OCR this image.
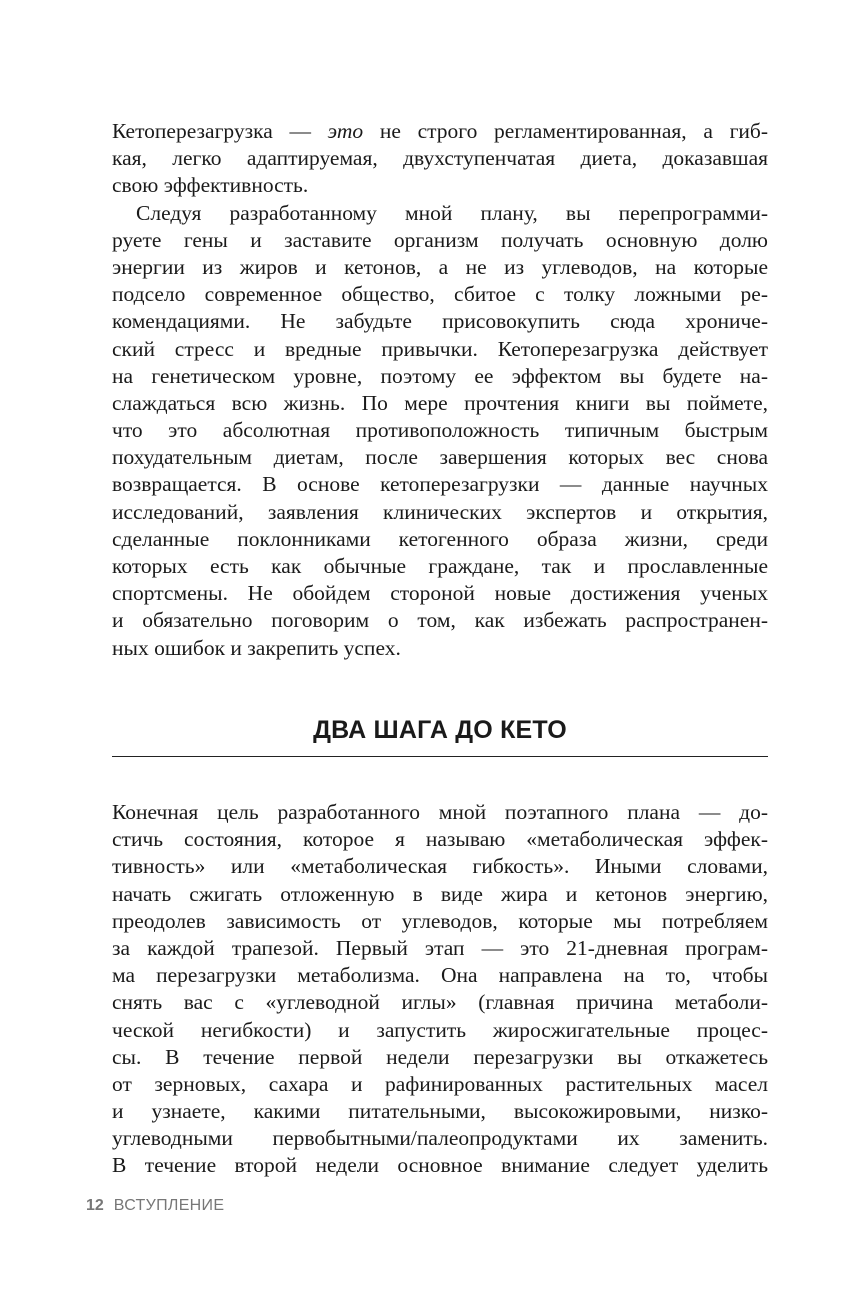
Кетоперезагрузка — это не строго регламентированная, а гиб-
кая, легко адаптируемая, двухступенчатая диета, доказавшая
свою эффективность.
Следуя разработанному мной плану, вы перепрограмми-
руете гены и заставите организм получать основную долю
энергии из жиров и кетонов, а не из углеводов, на которые
подсело современное общество, сбитое с толку ложными ре-
комендациями. Не забудьте присовокупить сюда хрониче-
ский стресс и вредные привычки. Кетоперезагрузка действует
на генетическом уровне, поэтому ее эффектом вы будете на-
слаждаться всю жизнь. По мере прочтения книги вы поймете,
что это абсолютная противоположность типичным быстрым
похудательным диетам, после завершения которых вес снова
возвращается. В основе кетоперезагрузки — данные научных
исследований, заявления клинических экспертов и открытия,
сделанные поклонниками кетогенного образа жизни, среди
которых есть как обычные граждане, так и прославленные
спортсмены. Не обойдем стороной новые достижения ученых
и обязательно поговорим о том, как избежать распространен-
ных ошибок и закрепить успех.
ДВА ШАГА ДО КЕТО
Конечная цель разработанного мной поэтапного плана — до-
стичь состояния, которое я называю «метаболическая эффек-
тивность» или «метаболическая гибкость». Иными словами,
начать сжигать отложенную в виде жира и кетонов энергию,
преодолев зависимость от углеводов, которые мы потребляем
за каждой трапезой. Первый этап — это 21-дневная програм-
ма перезагрузки метаболизма. Она направлена на то, чтобы
снять вас с «углеводной иглы» (главная причина метаболи-
ческой негибкости) и запустить жиросжигательные процес-
сы. В течение первой недели перезагрузки вы откажетесь
от зерновых, сахара и рафинированных растительных масел
и узнаете, какими питательными, высокожировыми, низко-
углеводными первобытными/палеопродуктами их заменить.
В течение второй недели основное внимание следует уделить
12 ВСТУПЛЕНИЕ
